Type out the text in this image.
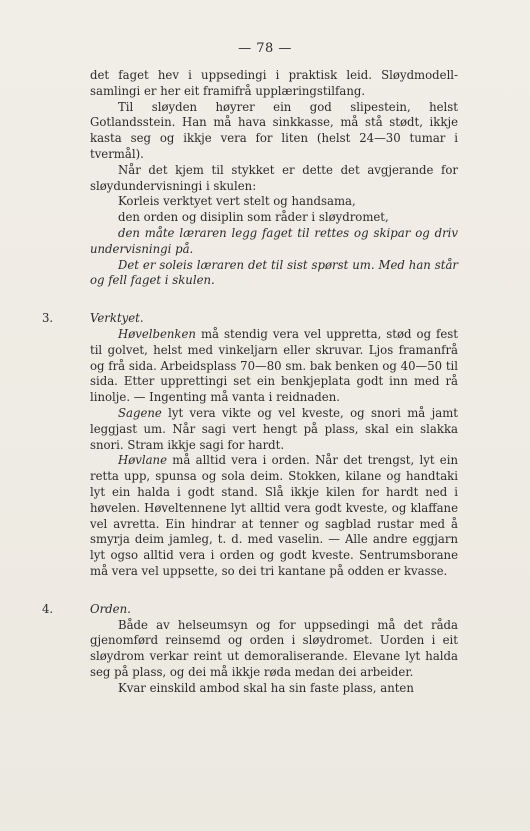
— 78 —

det faget hev i uppsedingi i praktisk leid. Sløydmodell-samlingi er her eit framifrå upplæringstilfang.

Til sløyden høyrer ein god slipestein, helst Gotlandsstein. Han må hava sinkkasse, må stå stødt, ikkje kasta seg og ikkje vera for liten (helst 24—30 tumar i tvermål).

Når det kjem til stykket er dette det avgjerande for sløydundervisningi i skulen:

Korleis verktyet vert stelt og handsama,

den orden og disiplin som råder i sløydromet,

den måte læraren legg faget til rettes og skipar og driv undervisningi på.

Det er soleis læraren det til sist spørst um. Med han står og fell faget i skulen.

3.	Verktyet.

Høvelbenken må stendig vera vel uppretta, stød og fest til golvet, helst med vinkeljarn eller skruvar. Ljos framanfrå og frå sida. Arbeidsplass 70—80 sm. bak benken og 40—50 til sida. Etter upprettingi set ein benkjeplata godt inn med rå linolje. — Ingenting må vanta i reidnaden.

Sagene lyt vera vikte og vel kveste, og snori må jamt leggjast um. Når sagi vert hengt på plass, skal ein slakka snori. Stram ikkje sagi for hardt.

Høvlane må alltid vera i orden. Når det trengst, lyt ein retta upp, spunsa og sola deim. Stokken, kilane og handtaki lyt ein halda i godt stand. Slå ikkje kilen for hardt ned i høvelen. Høveltennene lyt alltid vera godt kveste, og klaffane vel avretta. Ein hindrar at tenner og sagblad rustar med å smyrja deim jamleg, t. d. med vaselin. — Alle andre eggjarn lyt ogso alltid vera i orden og godt kveste. Sentrumsborane må vera vel uppsette, so dei tri kantane på odden er kvasse.

4.	Orden.

Både av helseumsyn og for uppsedingi må det råda gjenomførd reinsemd og orden i sløydromet. Uorden i eit sløydrom verkar reint ut demoraliserande. Elevane lyt halda seg på plass, og dei må ikkje røda medan dei arbeider.

Kvar einskild ambod skal ha sin faste plass, anten
